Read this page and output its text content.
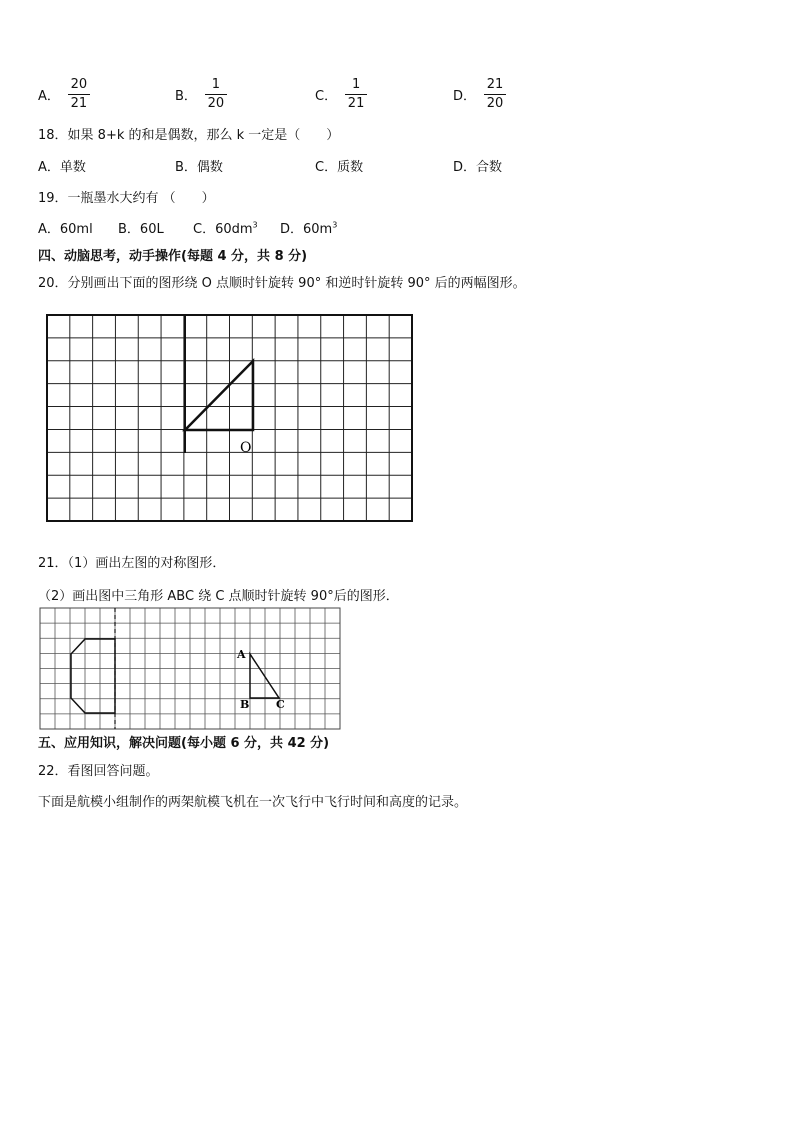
A． $\frac{20}{21}$	B． $\frac{1}{20}$	C． $\frac{1}{21}$	D． $\frac{21}{20}$
18．如果 8+k 的和是偶数，那么 k 一定是（　　）
A．单数	B．偶数	C．质数	D．合数
19．一瓶墨水大约有 （　　）
A．60ml B．60L C．$60dm^3$ D．$60m^3$
四、动脑思考，动手操作(每题 4 分，共 8 分)
20．分别画出下面的图形绕 O 点顺时针旋转 90° 和逆时针旋转 90° 后的两幅图形。
O
21．（1）画出左图的对称图形．
（2）画出图中三角形 ABC 绕 C 点顺时针旋转 90°后的图形．
A
B C
五、应用知识，解决问题(每小题 6 分，共 42 分)
22．看图回答问题。
下面是航模小组制作的两架航模飞机在一次飞行中飞行时间和高度的记录。
